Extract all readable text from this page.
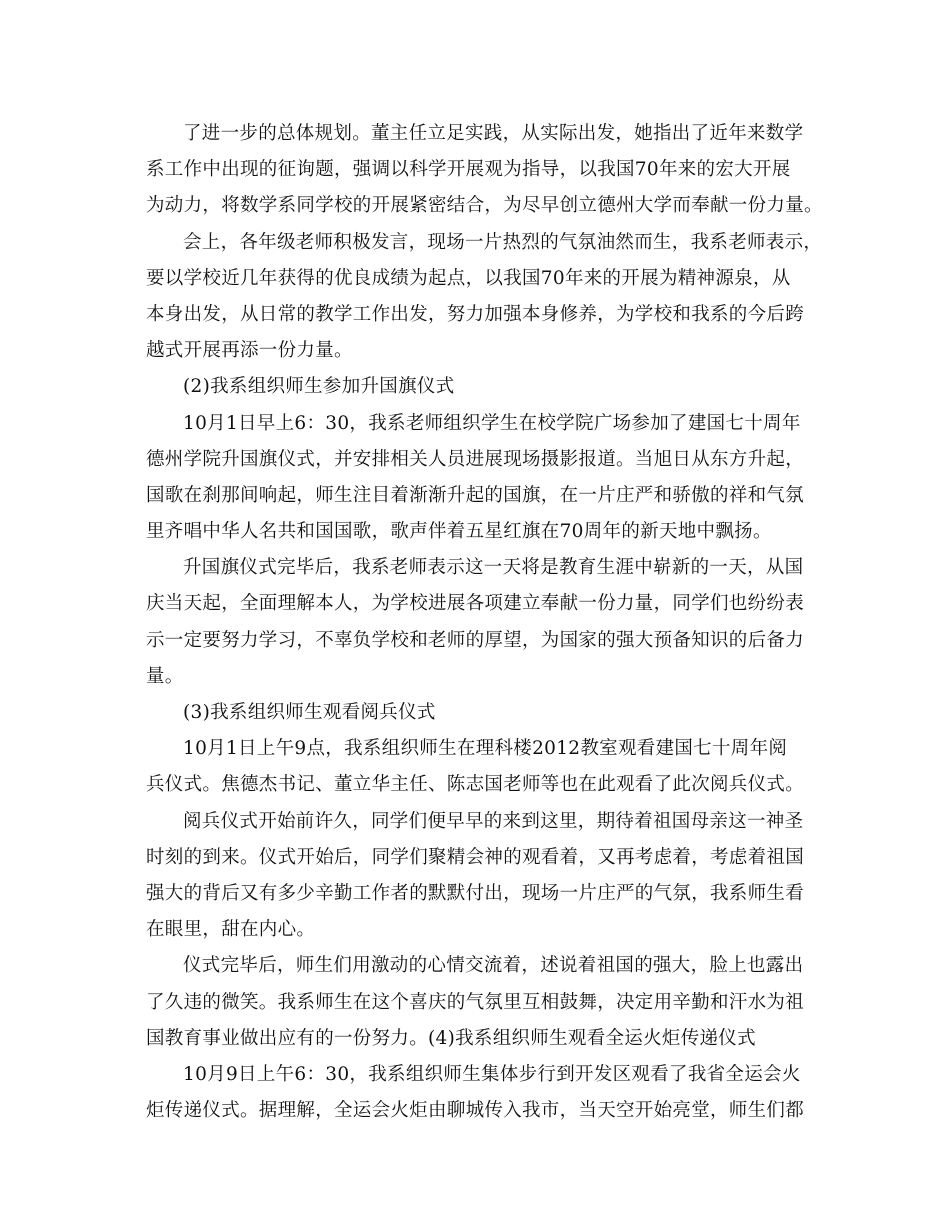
了进一步的总体规划。董主任立足实践，从实际出发，她指出了近年来数学
系工作中出现的征询题，强调以科学开展观为指导，以我国70年来的宏大开展
为动力，将数学系同学校的开展紧密结合，为尽早创立德州大学而奉献一份力量。
会上，各年级老师积极发言，现场一片热烈的气氛油然而生，我系老师表示，
要以学校近几年获得的优良成绩为起点，以我国70年来的开展为精神源泉，从
本身出发，从日常的教学工作出发，努力加强本身修养，为学校和我系的今后跨
越式开展再添一份力量。
(2)我系组织师生参加升国旗仪式
10月1日早上6：30，我系老师组织学生在校学院广场参加了建国七十周年
德州学院升国旗仪式，并安排相关人员进展现场摄影报道。当旭日从东方升起，
国歌在刹那间响起，师生注目着渐渐升起的国旗，在一片庄严和骄傲的祥和气氛
里齐唱中华人名共和国国歌，歌声伴着五星红旗在70周年的新天地中飘扬。
升国旗仪式完毕后，我系老师表示这一天将是教育生涯中崭新的一天，从国
庆当天起，全面理解本人，为学校进展各项建立奉献一份力量，同学们也纷纷表
示一定要努力学习，不辜负学校和老师的厚望，为国家的强大预备知识的后备力
量。
(3)我系组织师生观看阅兵仪式
10月1日上午9点，我系组织师生在理科楼2012教室观看建国七十周年阅
兵仪式。焦德杰书记、董立华主任、陈志国老师等也在此观看了此次阅兵仪式。
阅兵仪式开始前许久，同学们便早早的来到这里，期待着祖国母亲这一神圣
时刻的到来。仪式开始后，同学们聚精会神的观看着，又再考虑着，考虑着祖国
强大的背后又有多少辛勤工作者的默默付出，现场一片庄严的气氛，我系师生看
在眼里，甜在内心。
仪式完毕后，师生们用激动的心情交流着，述说着祖国的强大，脸上也露出
了久违的微笑。我系师生在这个喜庆的气氛里互相鼓舞，决定用辛勤和汗水为祖
国教育事业做出应有的一份努力。(4)我系组织师生观看全运火炬传递仪式
10月9日上午6：30，我系组织师生集体步行到开发区观看了我省全运会火
炬传递仪式。据理解，全运会火炬由聊城传入我市，当天空开始亮堂，师生们都
